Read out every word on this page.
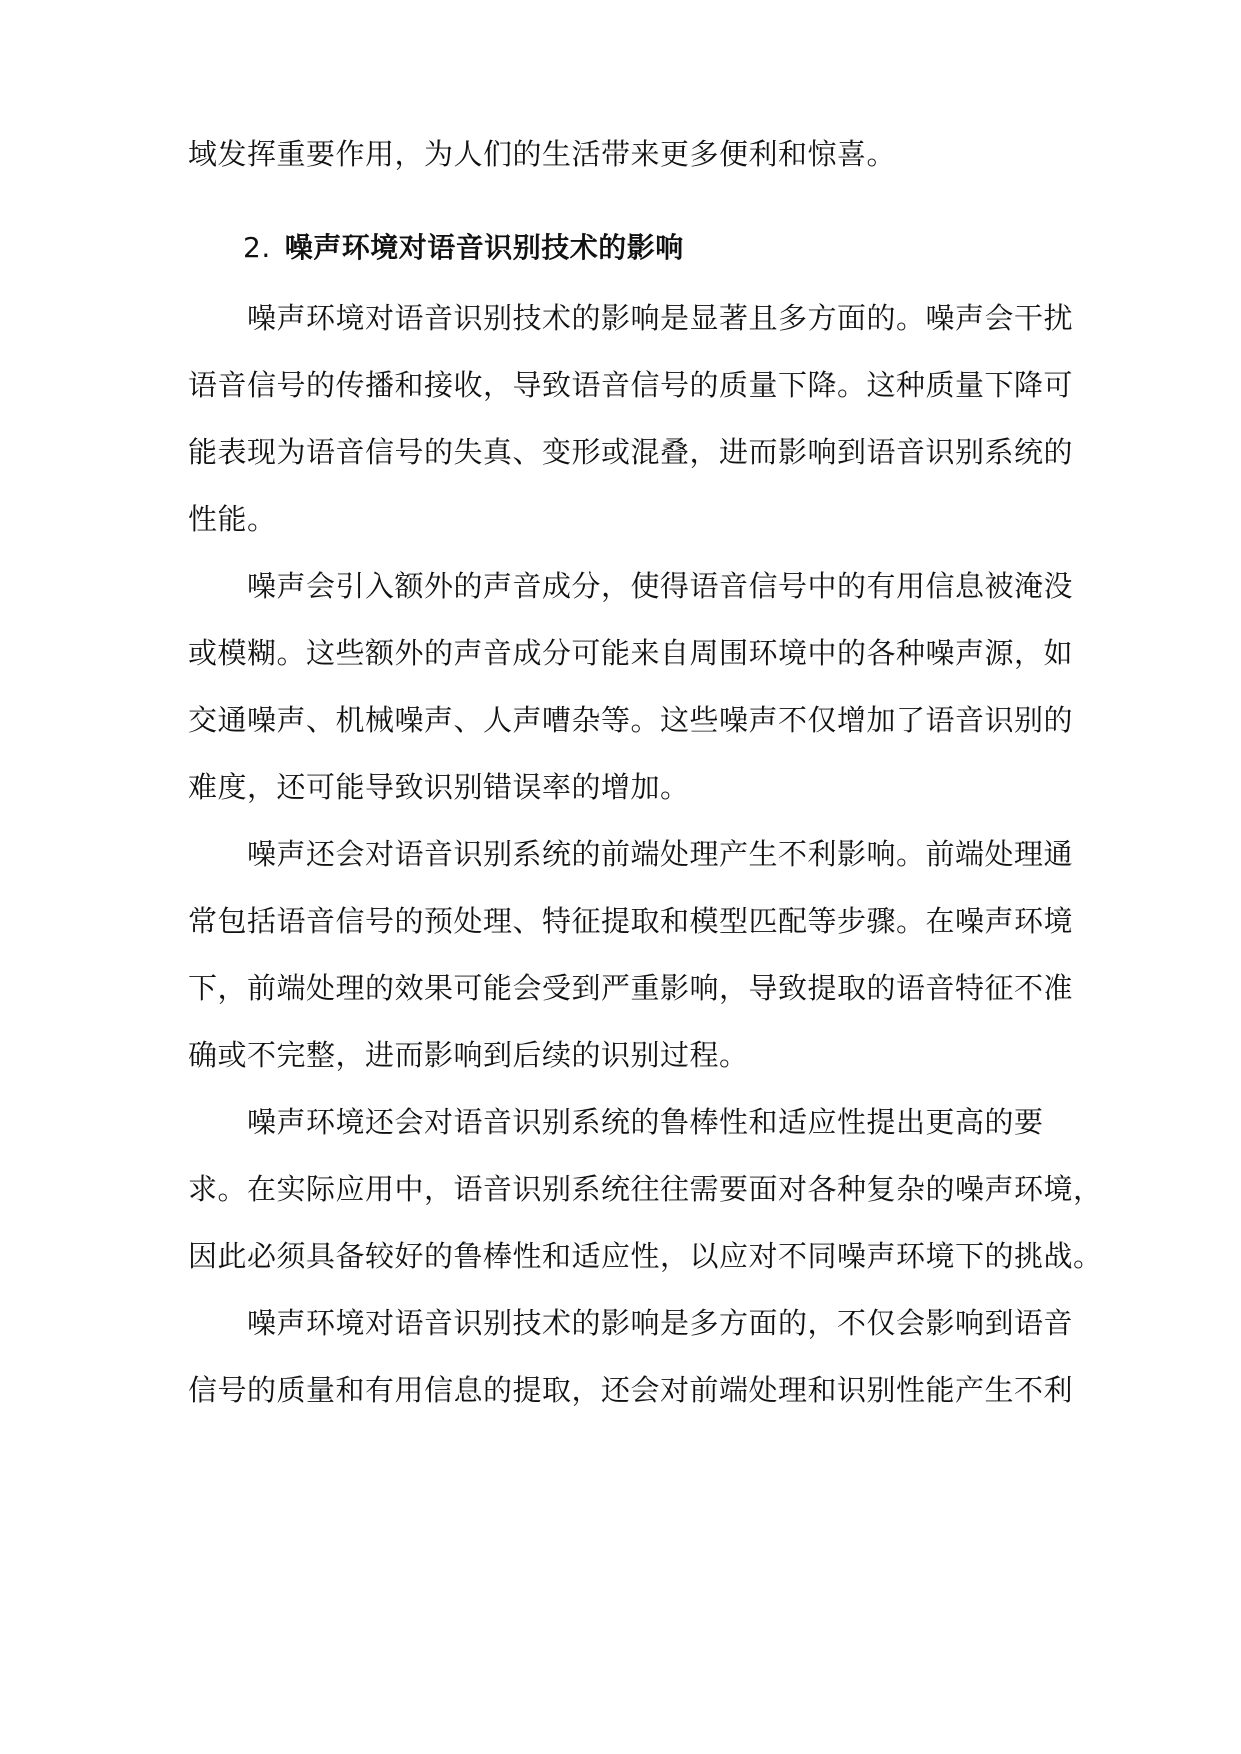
域发挥重要作用，为人们的生活带来更多便利和惊喜。
2. 噪声环境对语音识别技术的影响
噪声环境对语音识别技术的影响是显著且多方面的。噪声会干扰
语音信号的传播和接收，导致语音信号的质量下降。这种质量下降可
能表现为语音信号的失真、变形或混叠，进而影响到语音识别系统的
性能。
噪声会引入额外的声音成分，使得语音信号中的有用信息被淹没
或模糊。这些额外的声音成分可能来自周围环境中的各种噪声源，如
交通噪声、机械噪声、人声嘈杂等。这些噪声不仅增加了语音识别的
难度，还可能导致识别错误率的增加。
噪声还会对语音识别系统的前端处理产生不利影响。前端处理通
常包括语音信号的预处理、特征提取和模型匹配等步骤。在噪声环境
下，前端处理的效果可能会受到严重影响，导致提取的语音特征不准
确或不完整，进而影响到后续的识别过程。
噪声环境还会对语音识别系统的鲁棒性和适应性提出更高的要
求。在实际应用中，语音识别系统往往需要面对各种复杂的噪声环境，
因此必须具备较好的鲁棒性和适应性，以应对不同噪声环境下的挑战。
噪声环境对语音识别技术的影响是多方面的，不仅会影响到语音
信号的质量和有用信息的提取，还会对前端处理和识别性能产生不利
